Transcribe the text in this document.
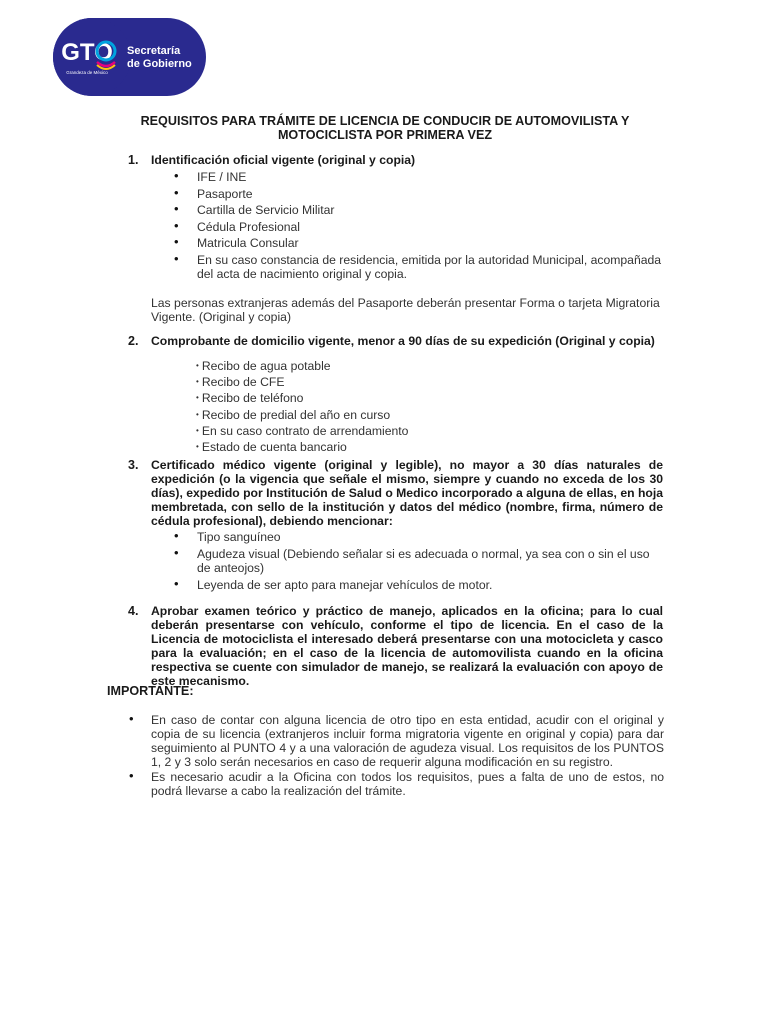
GTO
Grandeza de México
Secretaría
de Gobierno
REQUISITOS PARA TRÁMITE DE LICENCIA DE CONDUCIR DE AUTOMOVILISTA Y MOTOCICLISTA POR PRIMERA VEZ
1. Identificación oficial vigente (original y copia)
• IFE / INE
• Pasaporte
• Cartilla de Servicio Militar
• Cédula Profesional
• Matricula Consular
• En su caso constancia de residencia, emitida por la autoridad Municipal, acompañada del acta de nacimiento original y copia.
Las personas extranjeras además del Pasaporte deberán presentar Forma o tarjeta Migratoria Vigente. (Original y copia)
2. Comprobante de domicilio vigente, menor a 90 días de su expedición (Original y copia)
• Recibo de agua potable
• Recibo de CFE
• Recibo de teléfono
• Recibo de predial del año en curso
• En su caso contrato de arrendamiento
• Estado de cuenta bancario
3. Certificado médico vigente (original y legible), no mayor a 30 días naturales de expedición (o la vigencia que señale el mismo, siempre y cuando no exceda de los 30 días), expedido por Institución de Salud o Medico incorporado a alguna de ellas, en hoja membretada, con sello de la institución y datos del médico (nombre, firma, número de cédula profesional), debiendo mencionar:
• Tipo sanguíneo
• Agudeza visual (Debiendo señalar si es adecuada o normal, ya sea con o sin el uso de anteojos)
• Leyenda de ser apto para manejar vehículos de motor.
4. Aprobar examen teórico y práctico de manejo, aplicados en la oficina; para lo cual deberán presentarse con vehículo, conforme el tipo de licencia. En el caso de la Licencia de motociclista el interesado deberá presentarse con una motocicleta y casco para la evaluación; en el caso de la licencia de automovilista cuando en la oficina respectiva se cuente con simulador de manejo, se realizará la evaluación con apoyo de este mecanismo.
IMPORTANTE:
• En caso de contar con alguna licencia de otro tipo en esta entidad, acudir con el original y copia de su licencia (extranjeros incluir forma migratoria vigente en original y copia) para dar seguimiento al PUNTO 4 y a una valoración de agudeza visual. Los requisitos de los PUNTOS 1, 2 y 3 solo serán necesarios en caso de requerir alguna modificación en su registro.
• Es necesario acudir a la Oficina con todos los requisitos, pues a falta de uno de estos, no podrá llevarse a cabo la realización del trámite.
